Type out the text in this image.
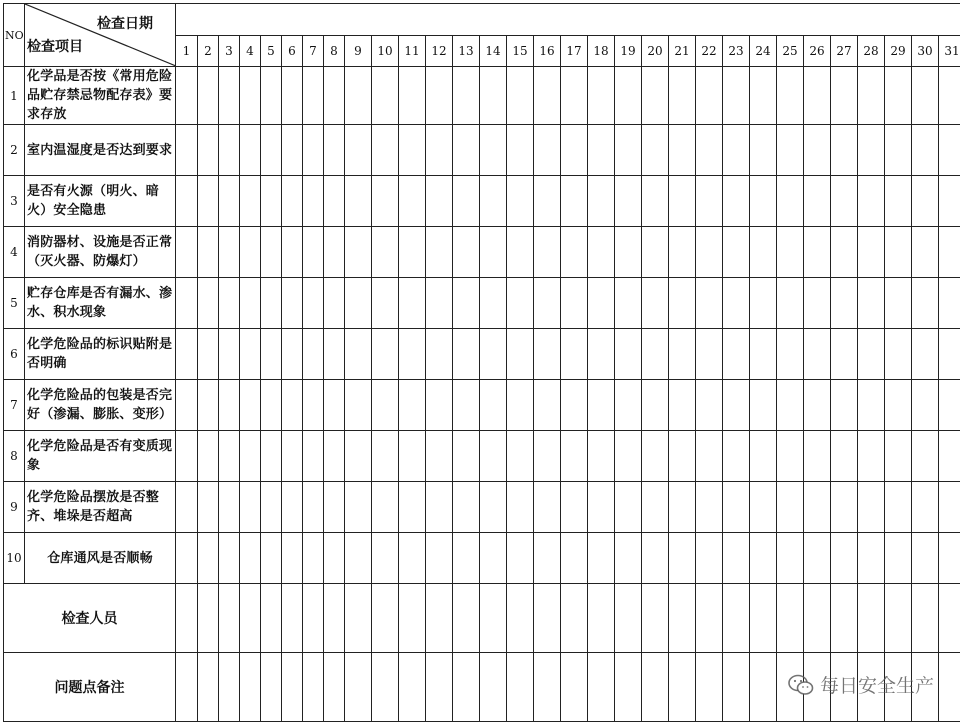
NO	检查日期
检查项目																															

		1	2	3	4	5	6	7	8	9	10	11	12	13	14	15	16	17	18	19	20	21	22	23	24	25	26	27	28	29	30	31
1	化学品是否按《常用危险品贮存禁忌物配存表》要求存放																															
2	室内温湿度是否达到要求																															
3	是否有火源（明火、暗火）安全隐患																															
4	消防器材、设施是否正常（灭火器、防爆灯）																															
5	贮存仓库是否有漏水、渗水、积水现象																															
6	化学危险品的标识贴附是否明确																															
7	化学危险品的包装是否完好（渗漏、膨胀、变形）																															
8	化学危险品是否有变质现象																															
9	化学危险品摆放是否整齐、堆垛是否超高																															
10	仓库通风是否顺畅																															
检查人员																																
问题点备注																																	每日安全生产
